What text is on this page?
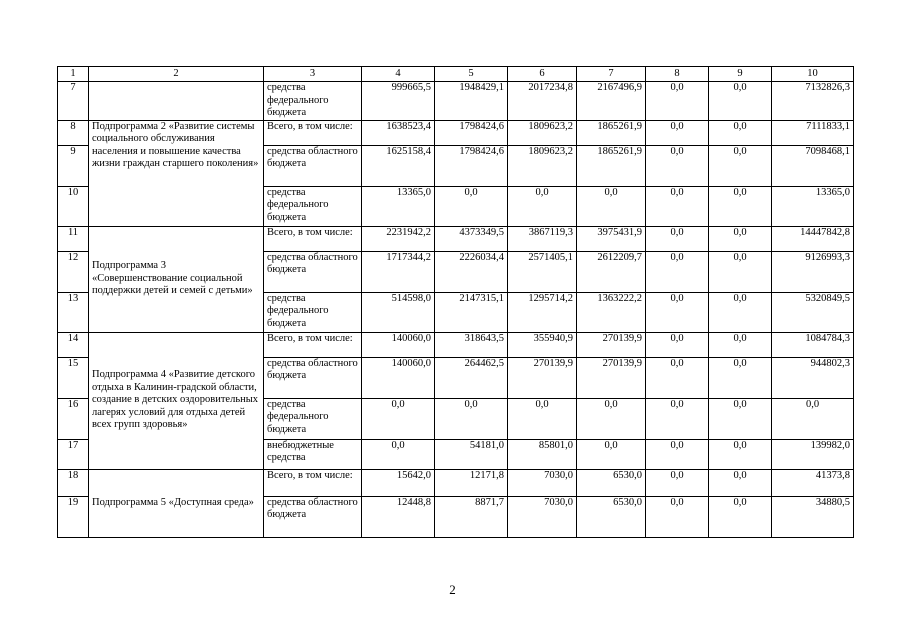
1	2	3	4	5	6	7	8	9	10
7		средства федерального бюджета	999665,5	1948429,1	2017234,8	2167496,9	0,0	0,0	7132826,3
8	Подпрограмма 2 «Развитие системы социального обслуживания населения и повышение качества жизни граждан старшего поколения»	Всего, в том числе:	1638523,4	1798424,6	1809623,2	1865261,9	0,0	0,0	7111833,1
9		средства областного бюджета	1625158,4	1798424,6	1809623,2	1865261,9	0,0	0,0	7098468,1
10		средства федерального бюджета	13365,0	0,0	0,0	0,0	0,0	0,0	13365,0
11	Подпрограмма 3 «Совершенствование социальной поддержки детей и семей с детьми»	Всего, в том числе:	2231942,2	4373349,5	3867119,3	3975431,9	0,0	0,0	14447842,8
12		средства областного бюджета	1717344,2	2226034,4	2571405,1	2612209,7	0,0	0,0	9126993,3
13		средства федерального бюджета	514598,0	2147315,1	1295714,2	1363222,2	0,0	0,0	5320849,5
14	Подпрограмма 4 «Развитие детского отдыха в Калинин-градской области, создание в детских оздоровительных лагерях условий для отдыха детей всех групп здоровья»	Всего, в том числе:	140060,0	318643,5	355940,9	270139,9	0,0	0,0	1084784,3
15		средства областного бюджета	140060,0	264462,5	270139,9	270139,9	0,0	0,0	944802,3
16		средства федерального бюджета	0,0	0,0	0,0	0,0	0,0	0,0	0,0
17		внебюджетные средства	0,0	54181,0	85801,0	0,0	0,0	0,0	139982,0
18	Подпрограмма 5 «Доступная среда»	Всего, в том числе:	15642,0	12171,8	7030,0	6530,0	0,0	0,0	41373,8
19		средства областного бюджета	12448,8	8871,7	7030,0	6530,0	0,0	0,0	34880,5
2
